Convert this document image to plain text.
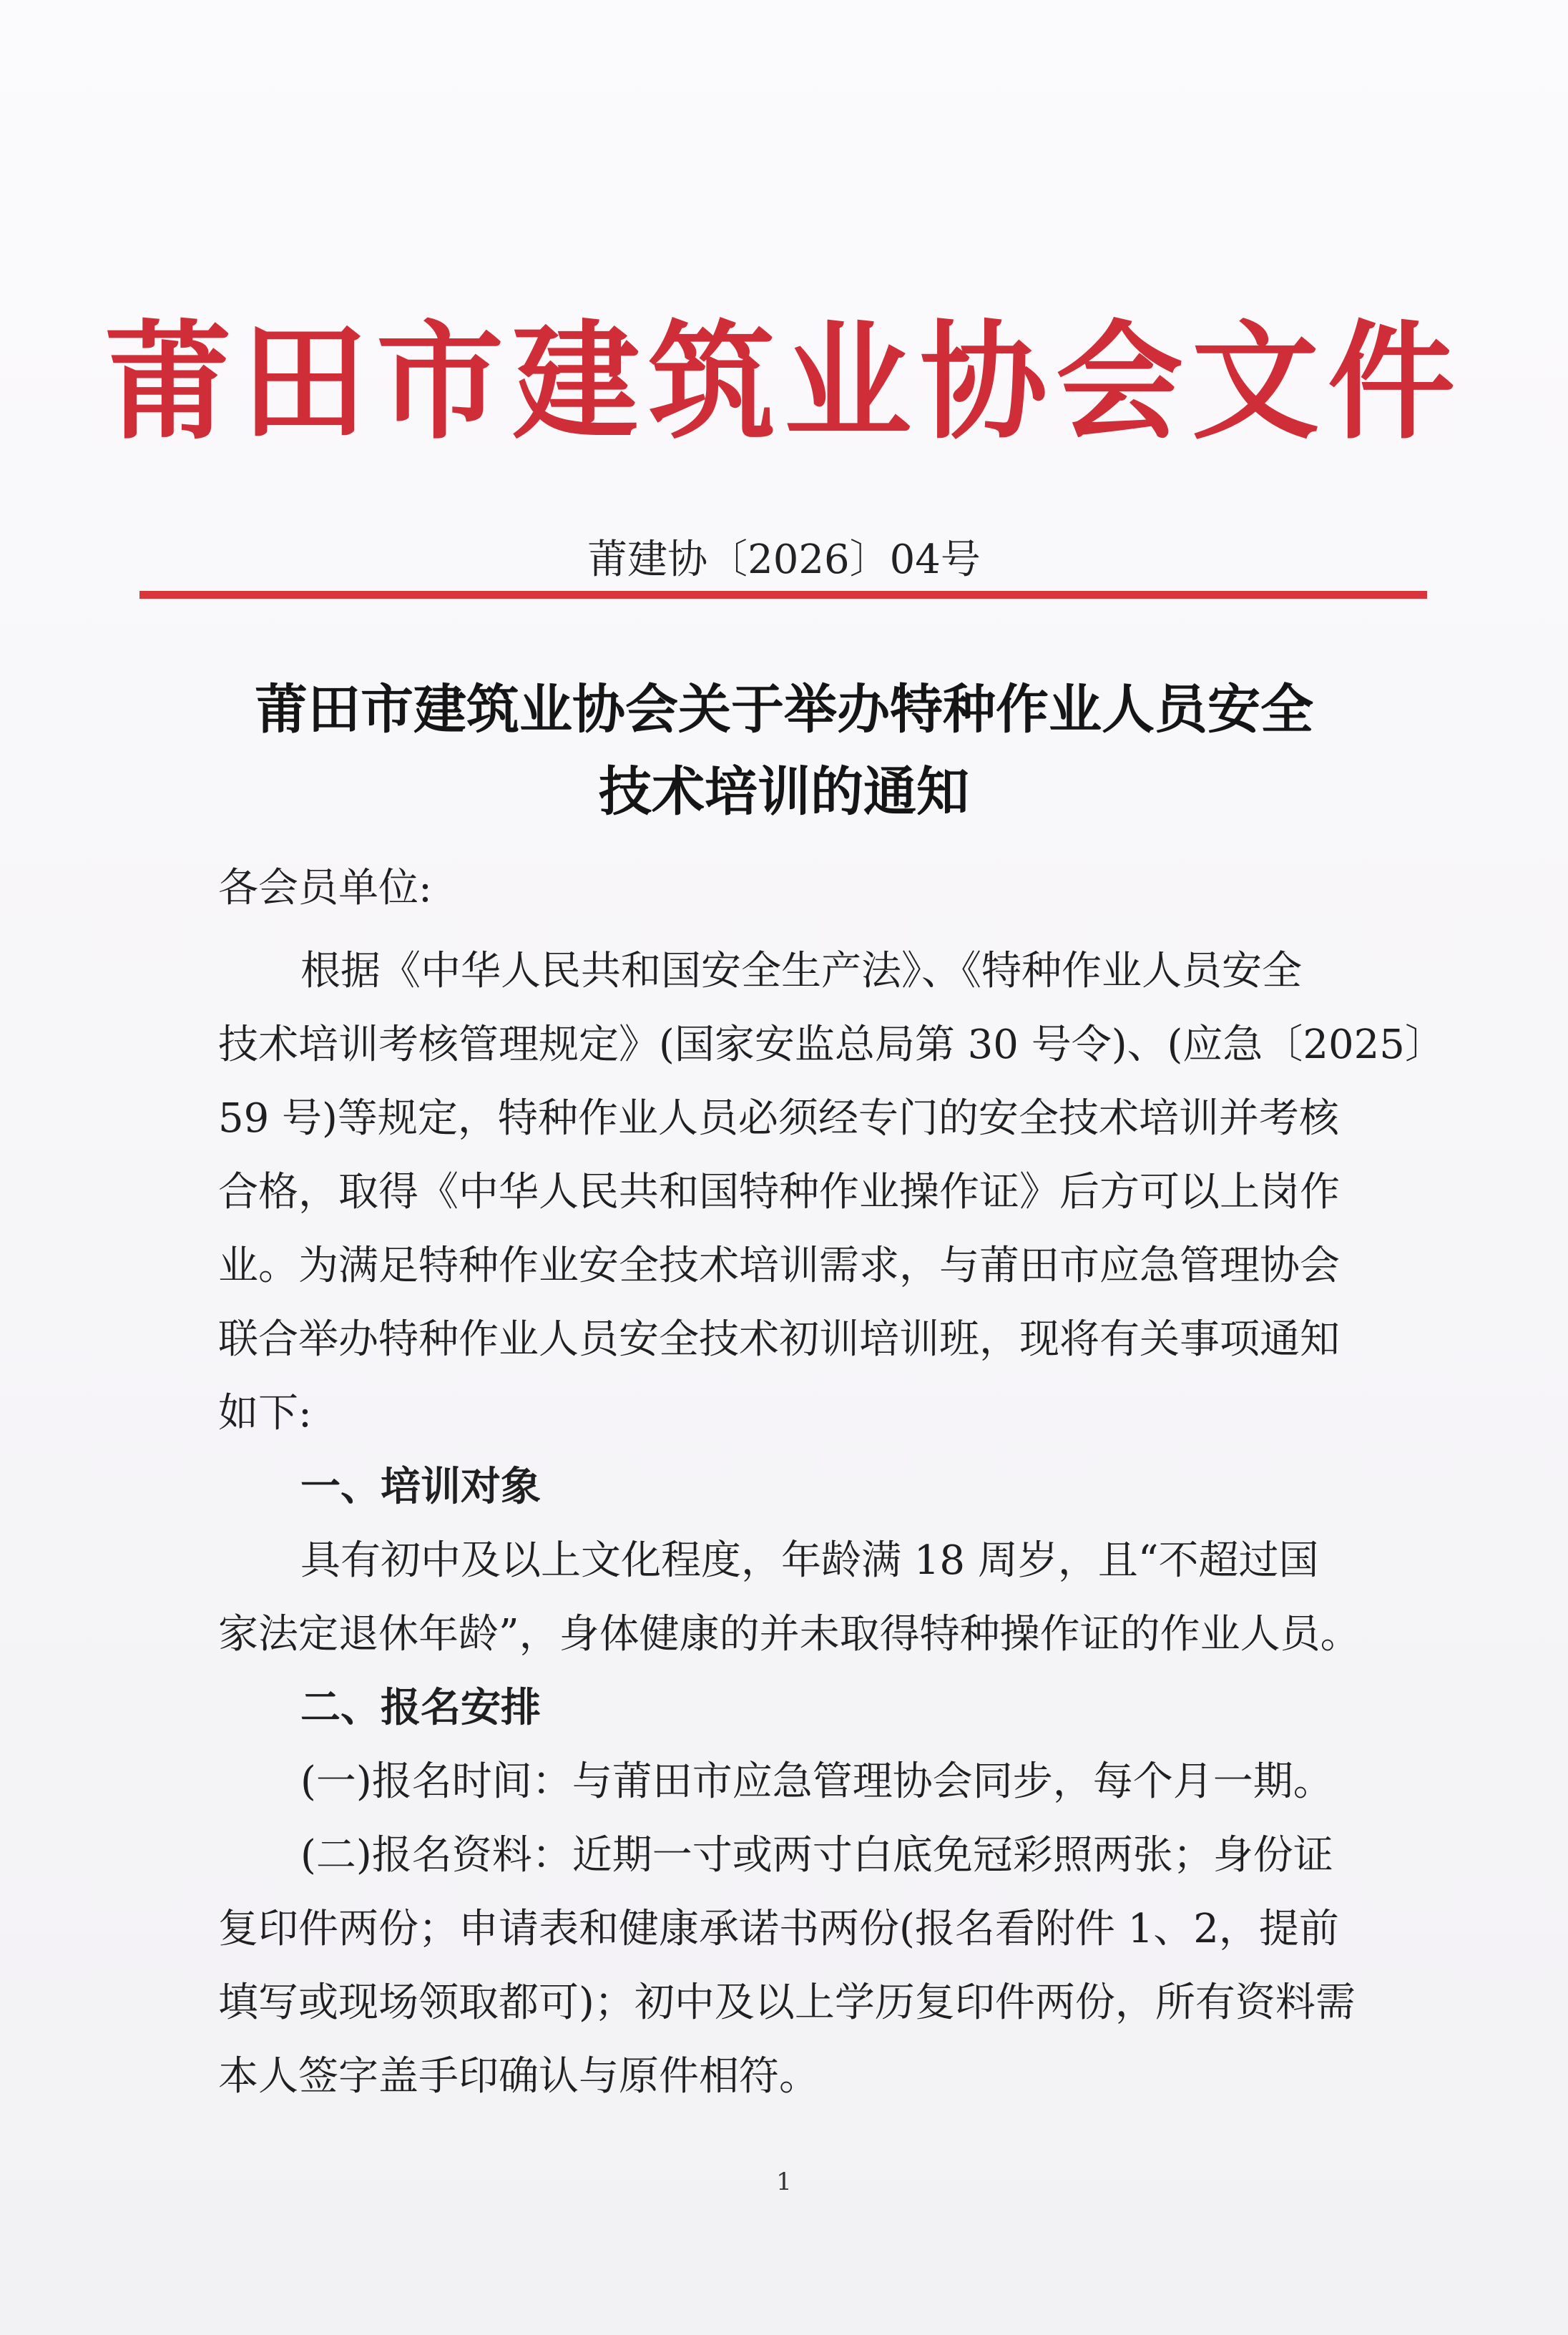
莆田市建筑业协会文件
莆建协〔2026〕04号
莆田市建筑业协会关于举办特种作业人员安全
技术培训的通知
各会员单位:
根据《中华人民共和国安全生产法》、《特种作业人员安全
技术培训考核管理规定》(国家安监总局第 30 号令)、(应急〔2025〕
59 号)等规定，特种作业人员必须经专门的安全技术培训并考核
合格，取得《中华人民共和国特种作业操作证》后方可以上岗作
业。为满足特种作业安全技术培训需求，与莆田市应急管理协会
联合举办特种作业人员安全技术初训培训班，现将有关事项通知
如下:
一、培训对象
具有初中及以上文化程度，年龄满 18 周岁，且“不超过国
家法定退休年龄”，身体健康的并未取得特种操作证的作业人员。
二、报名安排
(一)报名时间：与莆田市应急管理协会同步，每个月一期。
(二)报名资料：近期一寸或两寸白底免冠彩照两张；身份证
复印件两份；申请表和健康承诺书两份(报名看附件 1、2，提前
填写或现场领取都可)；初中及以上学历复印件两份，所有资料需
本人签字盖手印确认与原件相符。
1
